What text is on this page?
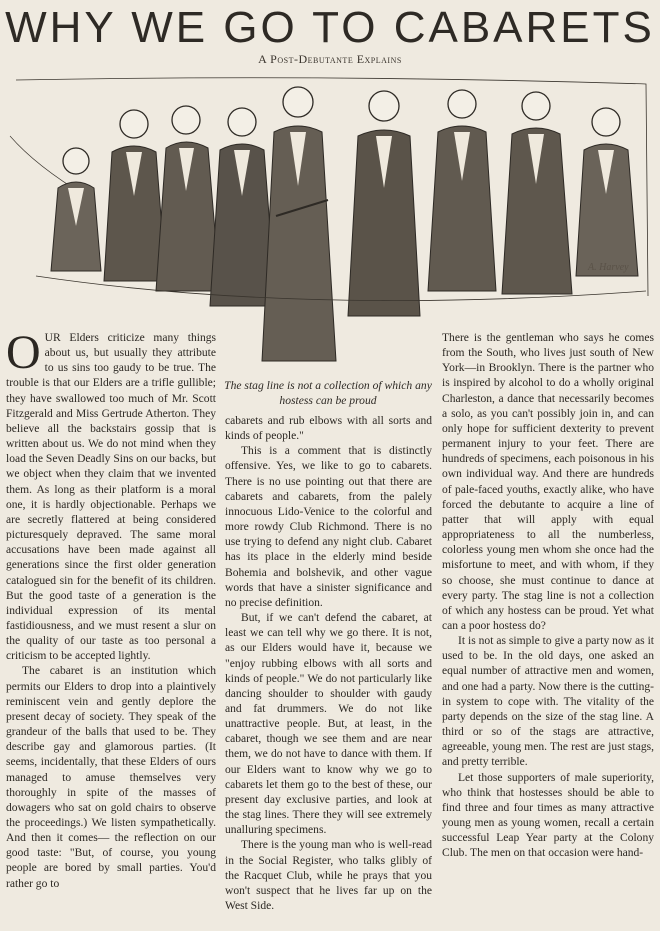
WHY WE GO TO CABARETS
A Post-Debutante Explains
A. Harvey
The stag line is not a collection of which any hostess can be proud

OUR Elders criticize many things about us, but usually they attribute to us sins too gaudy to be true. The trouble is that our Elders are a trifle gullible; they have swallowed too much of Mr. Scott Fitzgerald and Miss Gertrude Atherton. They believe all the backstairs gossip that is written about us. We do not mind when they load the Seven Deadly Sins on our backs, but we object when they claim that we invented them. As long as their platform is a moral one, it is hardly objectionable. Perhaps we are secretly flattered at being considered picturesquely depraved. The same moral accusations have been made against all generations since the first older generation catalogued sin for the benefit of its children. But the good taste of a generation is the individual expression of its mental fastidiousness, and we must resent a slur on the quality of our taste as too personal a criticism to be accepted lightly.

The cabaret is an institution which permits our Elders to drop into a plaintively reminiscent vein and gently deplore the present decay of society. They speak of the grandeur of the balls that used to be. They describe gay and glamorous parties. (It seems, incidentally, that these Elders of ours managed to amuse themselves very thoroughly in spite of the masses of dowagers who sat on gold chairs to observe the proceedings.) We listen sympathetically. And then it comes— the reflection on our good taste: "But, of course, you young people are bored by small parties. You'd rather go to

cabarets and rub elbows with all sorts and kinds of people."

This is a comment that is distinctly offensive. Yes, we like to go to cabarets. There is no use pointing out that there are cabarets and cabarets, from the palely innocuous Lido-Venice to the colorful and more rowdy Club Richmond. There is no use trying to defend any night club. Cabaret has its place in the elderly mind beside Bohemia and bolshevik, and other vague words that have a sinister significance and no precise definition.

But, if we can't defend the cabaret, at least we can tell why we go there. It is not, as our Elders would have it, because we "enjoy rubbing elbows with all sorts and kinds of people." We do not particularly like dancing shoulder to shoulder with gaudy and fat drummers. We do not like unattractive people. But, at least, in the cabaret, though we see them and are near them, we do not have to dance with them. If our Elders want to know why we go to cabarets let them go to the best of these, our present day exclusive parties, and look at the stag lines. There they will see extremely unalluring specimens.

There is the young man who is well-read in the Social Register, who talks glibly of the Racquet Club, while he prays that you won't suspect that he lives far up on the West Side.

There is the gentleman who says he comes from the South, who lives just south of New York—in Brooklyn. There is the partner who is inspired by alcohol to do a wholly original Charleston, a dance that necessarily becomes a solo, as you can't possibly join in, and can only hope for sufficient dexterity to prevent permanent injury to your feet. There are hundreds of specimens, each poisonous in his own individual way. And there are hundreds of pale-faced youths, exactly alike, who have forced the debutante to acquire a line of patter that will apply with equal appropriateness to all the numberless, colorless young men whom she once had the misfortune to meet, and with whom, if they so choose, she must continue to dance at every party. The stag line is not a collection of which any hostess can be proud. Yet what can a poor hostess do?

It is not as simple to give a party now as it used to be. In the old days, one asked an equal number of attractive men and women, and one had a party. Now there is the cutting-in system to cope with. The vitality of the party depends on the size of the stag line. A third or so of the stags are attractive, agreeable, young men. The rest are just stags, and pretty terrible.

Let those supporters of male superiority, who think that hostesses should be able to find three and four times as many attractive young men as young women, recall a certain successful Leap Year party at the Colony Club. The men on that occasion were hand-
